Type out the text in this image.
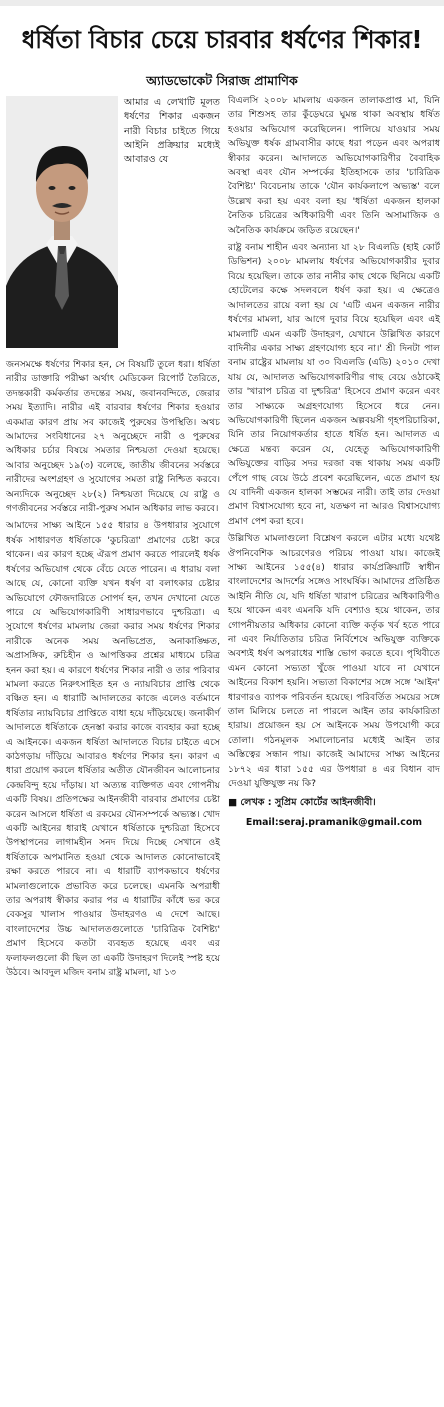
ধর্ষিতা বিচার চেয়ে চারবার ধর্ষণের শিকার!
অ্যাডভোকেট সিরাজ প্রামাণিক

আমার এ লেখাটি মূলত ধর্ষণের শিকার একজন নারী বিচার চাইতে গিয়ে আইনি প্রক্রিয়ার মধ্যেই আবারও যে

জনসমক্ষে ধর্ষণের শিকার হন, সে বিষয়টি তুলে ধরা। ধর্ষিতা নারীর ডাক্তারি পরীক্ষা অর্থাৎ মেডিকেল রিপোর্ট তৈরিতে, তদন্তকারী কর্মকর্তার তদন্তের সময়, জবানবন্দিতে, জেরার সময় ইত্যাদি। নারীর এই বারবার ধর্ষণের শিকার হওয়ার একমাত্র কারণ প্রায় সব কাজেই পুরুষের উপস্থিতি। অথচ আমাদের সংবিধানের ২৭ অনুচ্ছেদে নারী ও পুরুষের অধিকার চর্চার বিষয়ে সমতার নিশ্চয়তা দেওয়া হয়েছে। আবার অনুচ্ছেদ ১৯(৩) বলেছে, জাতীয় জীবনের সর্বস্তরে নারীদের অংশগ্রহণ ও সুযোগের সমতা রাষ্ট্র নিশ্চিত করবে। অন্যদিকে অনুচ্ছেদ ২৮(২) নিশ্চয়তা দিয়েছে যে রাষ্ট্র ও গণজীবনের সর্বস্তরে নারী-পুরুষ সমান অধিকার লাভ করবে।

আমাদের সাক্ষ্য আইনে ১৫৫ ধারার ৪ উপধারার সুযোগে ধর্ষক সাধারণত ধর্ষিতাকে 'কুচরিত্রা' প্রমাণের চেষ্টা করে থাকেন। এর কারণ হচ্ছে ঐরূপ প্রমাণ করতে পারলেই ধর্ষক ধর্ষণের অভিযোগ থেকে বেঁচে যেতে পারেন। এ ধারায় বলা আছে যে, কোনো ব্যক্তি যখন ধর্ষণ বা বলাৎকার চেষ্টার অভিযোগে ফৌজদারিতে সোপর্দ হন, তখন দেখানো যেতে পারে যে অভিযোগকারিণী সাধারণভাবে দুশ্চরিত্রা। এ সুযোগে ধর্ষণের মামলায় জেরা করার সময় ধর্ষণের শিকার নারীকে অনেক সময় অনভিপ্রেত, অনাকাঙ্ক্ষিত, অপ্রাসঙ্গিক, রুচিহীন ও আপত্তিকর প্রশ্নের মাধ্যমে চরিত্র হনন করা হয়। এ কারণে ধর্ষণের শিকার নারী ও তার পরিবার মামলা করতে নিরুৎসাহিত হন ও ন্যায়বিচার প্রাপ্তি থেকে বঞ্চিত হন। এ ধারাটি আদালতের কাজে এলেও বর্তমানে ধর্ষিতার ন্যায়বিচার প্রাপ্তিতে বাধা হয়ে দাঁড়িয়েছে। জনাকীর্ণ আদালতে ধর্ষিতাকে হেনস্তা করার কাজে ব্যবহার করা হচ্ছে এ আইনকে। একজন ধর্ষিতা আদালতে বিচার চাইতে এসে কাঠগড়ায় দাঁড়িয়ে আবারও ধর্ষণের শিকার হন। কারণ এ ধারা প্রয়োগ করলে ধর্ষিতার অতীত যৌনজীবন আলোচনার কেন্দ্রবিন্দু হয়ে দাঁড়ায়। যা অত্যন্ত ব্যক্তিগত এবং গোপনীয় একটি বিষয়। প্রতিপক্ষের আইনজীবী বারবার প্রমাণের চেষ্টা করেন আসলে ধর্ষিতা এ রকমের যৌনসম্পর্কে অভ্যস্ত। খোদ একটি আইনের ধারাই যেখানে ধর্ষিতাকে দুশ্চরিত্রা হিসেবে উপস্থাপনের লাগামহীন সনদ দিয়ে দিচ্ছে সেখানে ওই ধর্ষিতাকে অপমানিত হওয়া থেকে আদালত কোনোভাবেই রক্ষা করতে পারবে না। এ ধারাটি ব্যাপকভাবে ধর্ষণের মামলাগুলোকে প্রভাবিত করে চলেছে। এমনকি অপরাধী তার অপরাধ স্বীকার করার পর এ ধারাটির কাঁধে ভর করে বেকসুর খালাস পাওয়ার উদাহরণও এ দেশে আছে। বাংলাদেশের উচ্চ আদালতগুলোতে 'চারিত্রিক বৈশিষ্ট্য' প্রমাণ হিসেবে কতটা ব্যবহৃত হয়েছে এবং এর ফলাফলগুলো কী ছিল তা একটি উদাহরণ দিলেই স্পষ্ট হয়ে উঠবে। আবদুল মজিদ বনাম রাষ্ট্র মামলা, যা ১৩

বিএলসি ২০০৮ মামলায় একজন তালাকপ্রাপ্ত মা, যিনি তার শিশুসহ তার কুঁড়েঘরে ঘুমন্ত থাকা অবস্থায় ধর্ষিত হওয়ার অভিযোগ করেছিলেন। পালিয়ে যাওয়ার সময় অভিযুক্ত ধর্ষক গ্রামবাসীর কাছে ধরা পড়েন এবং অপরাধ স্বীকার করেন। আদালতে অভিযোগকারিণীর বৈবাহিক অবস্থা এবং যৌন সম্পর্কের ইতিহাসকে তার 'চারিত্রিক বৈশিষ্ট্য' বিবেচনায় তাকে 'যৌন কার্যকলাপে অভ্যস্ত' বলে উল্লেখ করা হয় এবং বলা হয় 'ধর্ষিতা একজন হালকা নৈতিক চরিত্রের অধিকারিণী এবং তিনি অসামাজিক ও অনৈতিক কার্যক্রমে জড়িত রয়েছেন।'

রাষ্ট্র বনাম শাহীন এবং অন্যান্য যা ২৮ বিএলডি (হাই কোর্ট ডিভিশন) ২০০৮ মামলায় ধর্ষণের অভিযোগকারীর দুবার বিয়ে হয়েছিল। তাকে তার নানীর কাছ থেকে ছিনিয়ে একটি হোটেলের কক্ষে সদলবলে ধর্ষণ করা হয়। এ ক্ষেত্রেও আদালতের রায়ে বলা হয় যে 'এটি এমন একজন নারীর ধর্ষণের মামলা, যার আগে দুবার বিয়ে হয়েছিল এবং এই মামলাটি এমন একটি উদাহরণ, যেখানে উল্লিখিত কারণে বাদিনীর একার সাক্ষ্য গ্রহণযোগ্য হবে না।' শ্রী দিনটা পাল বনাম রাষ্ট্রের মামলায় যা ৩০ বিএলডি (এডি) ২০১০ দেখা যায় যে, আদালত অভিযোগকারিণীর গাছ বেয়ে ওঠাকেই তার 'খারাপ চরিত্র বা দুশ্চরিত্র' হিসেবে প্রমাণ করেন এবং তার সাক্ষ্যকে অগ্রহণযোগ্য হিসেবে ধরে নেন। অভিযোগকারিণী ছিলেন একজন অল্পবয়সী গৃহপরিচারিকা, যিনি তার নিয়োগকর্তার হাতে ধর্ষিত হন। আদালত এ ক্ষেত্রে মন্তব্য করেন যে, যেহেতু অভিযোগকারিণী অভিযুক্তের বাড়ির সদর দরজা বন্ধ থাকায় সময় একটি পেঁপে গাছ বেয়ে উঠে প্রবেশ করেছিলেন, এতে প্রমাণ হয় যে বাদিনী একজন হালকা সম্ভমের নারী। তাই তার দেওয়া প্রমাণ বিশ্বাসযোগ্য হবে না, যতক্ষণ না আরও বিশ্বাসযোগ্য প্রমাণ পেশ করা হবে।

উল্লিখিত মামলাগুলো বিশ্লেষণ করলে এটার মধ্যে যথেষ্ট ঔপনিবেশিক আচরণেরও পরিচয় পাওয়া যায়। কাজেই সাক্ষ্য আইনের ১৫৫(৪) ধারার কার্যপ্রক্রিয়াটি স্বাধীন বাংলাদেশের আদর্শের সঙ্গেও সাংঘর্ষিক। আমাদের প্রতিষ্ঠিত আইনি নীতি যে, যদি ধর্ষিতা খারাপ চরিত্রের অধিকারিণীও হয়ে থাকেন এবং এমনকি যদি বেশ্যাও হয়ে থাকেন, তার গোপনীয়তার অধিকার কোনো ব্যক্তি কর্তৃক খর্ব হতে পারে না এবং নির্যাতিতার চরিত্র নির্বিশেষে অভিযুক্ত ব্যক্তিকে অবশ্যই ধর্ষণ অপরাধের শাস্তি ভোগ করতে হবে। পৃথিবীতে এমন কোনো সভ্যতা খুঁজে পাওয়া যাবে না যেখানে আইনের বিকাশ হয়নি। সভ্যতা বিকাশের সঙ্গে সঙ্গে 'আইন' ধারণারও ব্যাপক পরিবর্তন হয়েছে। পরিবর্তিত সময়ের সঙ্গে তাল মিলিয়ে চলতে না পারলে আইন তার কার্যকারিতা হারায়। প্রয়োজন হয় সে আইনকে সময় উপযোগী করে তোলা। গঠনমূলক সমালোচনার মধ্যেই আইন তার অস্তিত্বের সন্ধান পায়। কাজেই আমাদের সাক্ষ্য আইনের ১৮৭২ এর ধারা ১৫৫ এর উপধারা ৪ এর বিধান বাদ দেওয়া যুক্তিযুক্ত নয় কি?

■ লেখক : সুপ্রিম কোর্টের আইনজীবী।
Email:seraj.pramanik@gmail.com
